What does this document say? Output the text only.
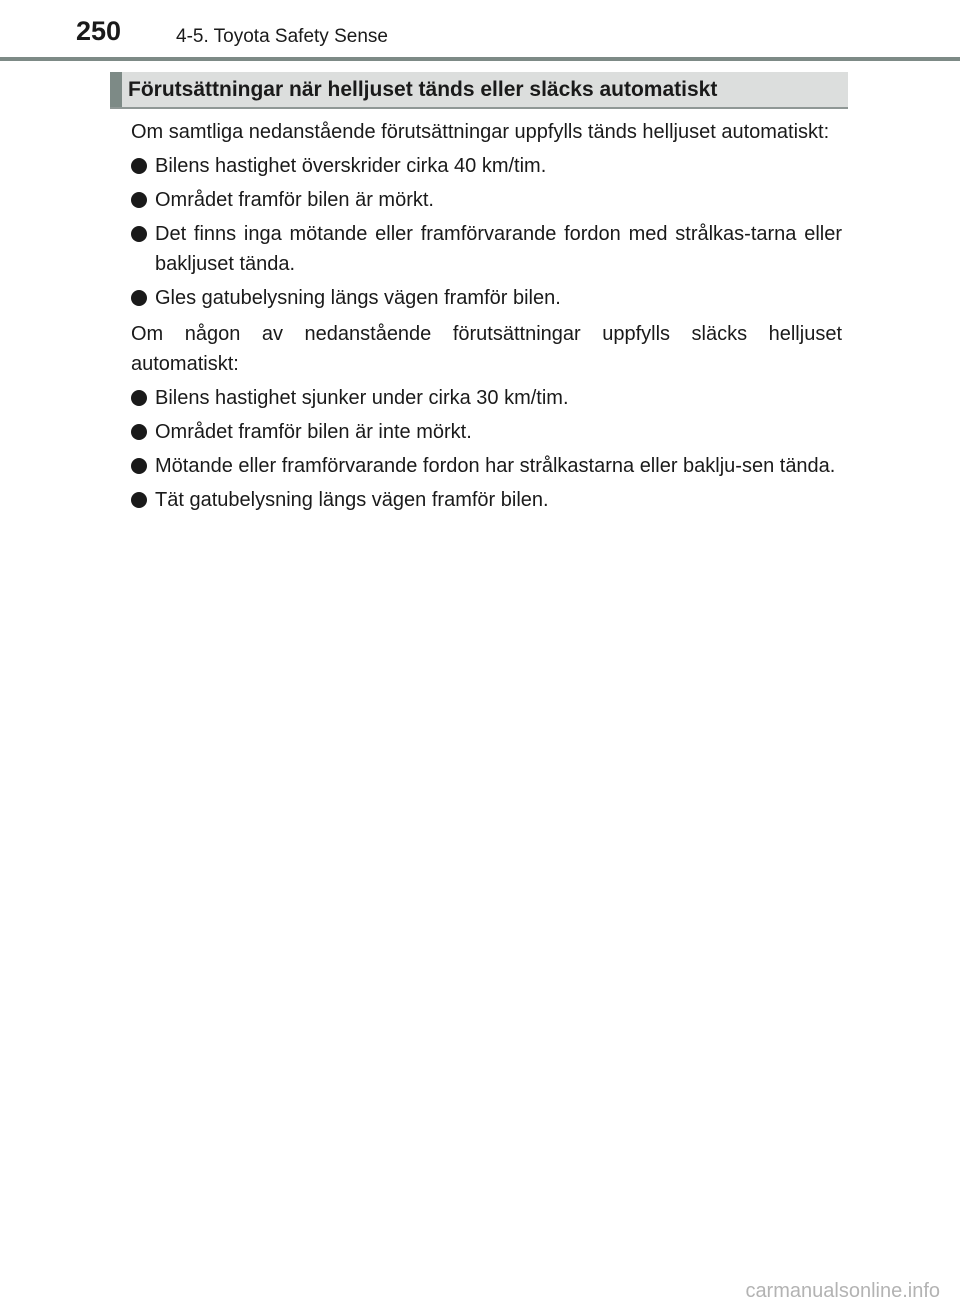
250	4-5. Toyota Safety Sense
Förutsättningar när helljuset tänds eller släcks automatiskt

Om samtliga nedanstående förutsättningar uppfylls tänds helljuset automatiskt:

Bilens hastighet överskrider cirka 40 km/tim.
Området framför bilen är mörkt.
Det finns inga mötande eller framförvarande fordon med strålkas-tarna eller bakljuset tända.
Gles gatubelysning längs vägen framför bilen.

Om någon av nedanstående förutsättningar uppfylls släcks helljuset automatiskt:

Bilens hastighet sjunker under cirka 30 km/tim.
Området framför bilen är inte mörkt.
Mötande eller framförvarande fordon har strålkastarna eller baklju-sen tända.
Tät gatubelysning längs vägen framför bilen.
carmanualsonline.info
